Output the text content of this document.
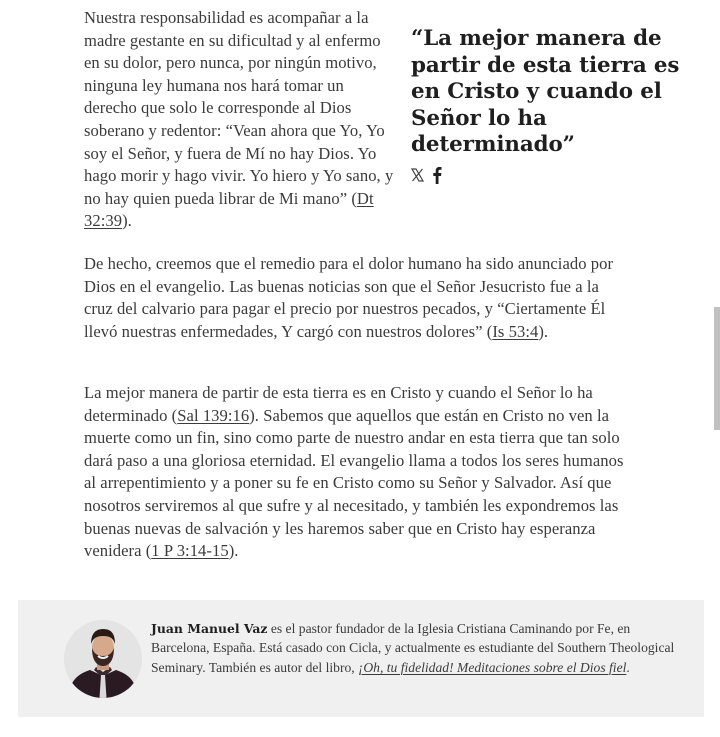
Nuestra responsabilidad es acompañar a la madre gestante en su dificultad y al enfermo en su dolor, pero nunca, por ningún motivo, ninguna ley humana nos hará tomar un derecho que solo le corresponde al Dios soberano y redentor: “Vean ahora que Yo, Yo soy el Señor, y fuera de Mí no hay Dios. Yo hago morir y hago vivir. Yo hiero y Yo sano, y no hay quien pueda librar de Mi mano” (Dt 32:39).

“La mejor manera de partir de esta tierra es en Cristo y cuando el Señor lo ha determinado”

De hecho, creemos que el remedio para el dolor humano ha sido anunciado por Dios en el evangelio. Las buenas noticias son que el Señor Jesucristo fue a la cruz del calvario para pagar el precio por nuestros pecados, y “Ciertamente Él llevó nuestras enfermedades, Y cargó con nuestros dolores” (Is 53:4).

La mejor manera de partir de esta tierra es en Cristo y cuando el Señor lo ha determinado (Sal 139:16). Sabemos que aquellos que están en Cristo no ven la muerte como un fin, sino como parte de nuestro andar en esta tierra que tan solo dará paso a una gloriosa eternidad. El evangelio llama a todos los seres humanos al arrepentimiento y a poner su fe en Cristo como su Señor y Salvador. Así que nosotros serviremos al que sufre y al necesitado, y también les expondremos las buenas nuevas de salvación y les haremos saber que en Cristo hay esperanza venidera (1 P 3:14-15).

Juan Manuel Vaz es el pastor fundador de la Iglesia Cristiana Caminando por Fe, en Barcelona, España. Está casado con Cicla, y actualmente es estudiante del Southern Theological Seminary. También es autor del libro, ¡Oh, tu fidelidad! Meditaciones sobre el Dios fiel.
